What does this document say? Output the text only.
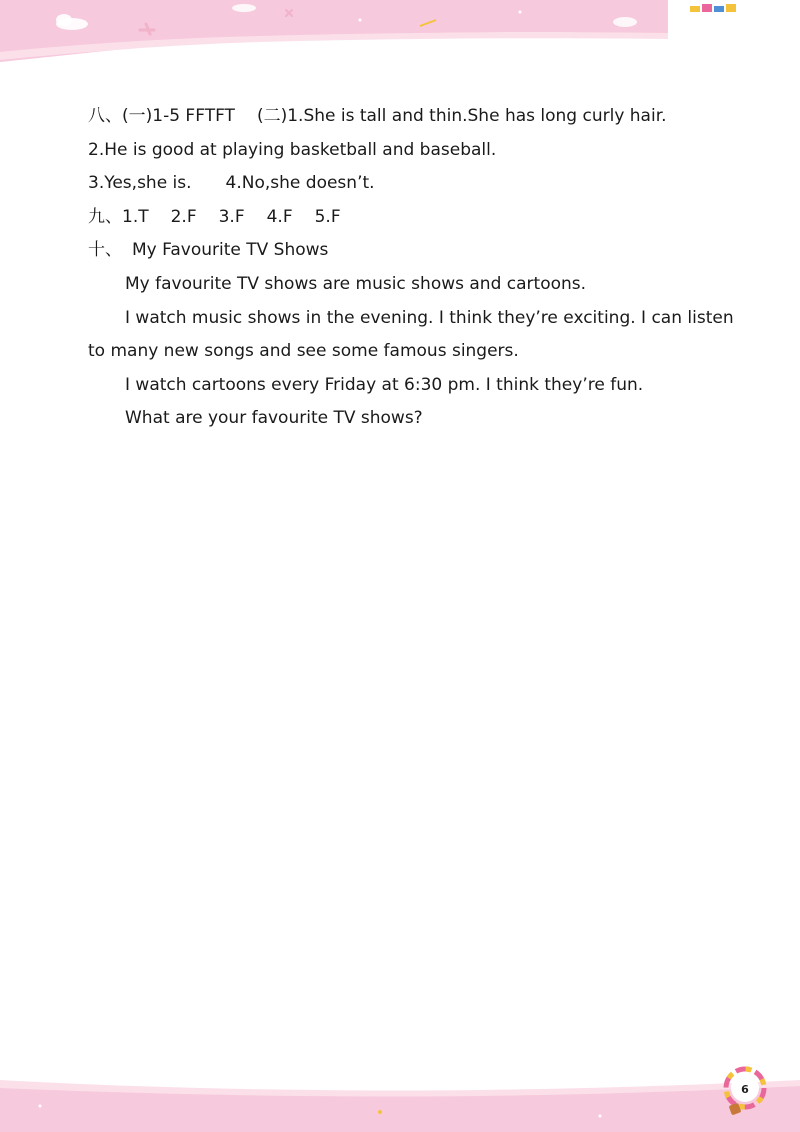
八、(一)1-5 FFTFT (二)1.She is tall and thin.She has long curly hair.
2.He is good at playing basketball and baseball.
3.Yes,she is. 4.No,she doesn’t.
九、1.T 2.F 3.F 4.F 5.F
十、 My Favourite TV Shows
My favourite TV shows are music shows and cartoons.
I watch music shows in the evening. I think they’re exciting. I can listen to many new songs and see some famous singers.
I watch cartoons every Friday at 6:30 pm. I think they’re fun.
What are your favourite TV shows?
6
